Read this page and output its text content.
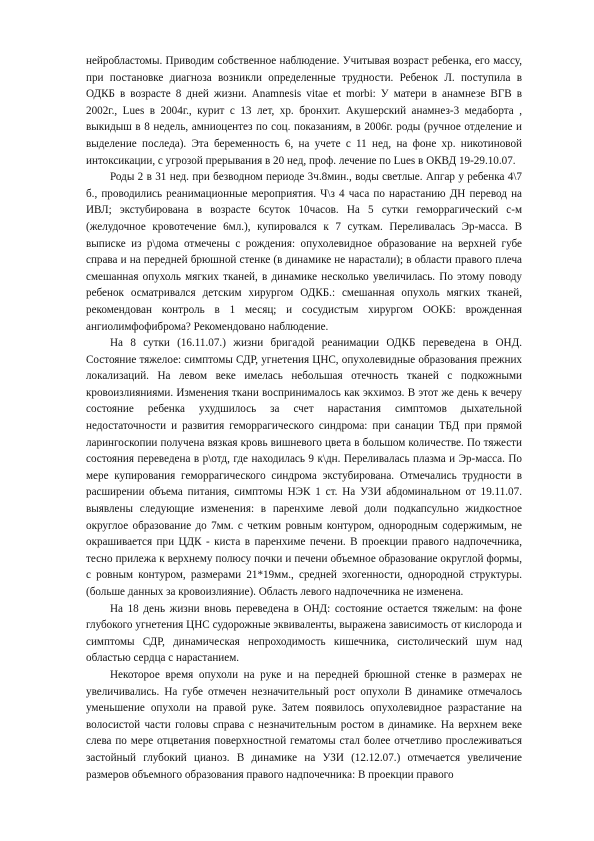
нейробластомы. Приводим собственное наблюдение. Учитывая возраст ребенка, его массу, при постановке диагноза возникли определенные трудности. Ребенок Л. поступила в ОДКБ в возрасте 8 дней жизни. Anamnesis vitae et morbi: У матери в анамнезе ВГВ в 2002г., Lues в 2004г., курит с 13 лет, хр. бронхит. Акушерский анамнез-3 медаборта , выкидыш в 8 недель, амниоцентез по соц. показаниям, в 2006г. роды (ручное отделение и выделение последа). Эта беременность 6, на учете с 11 нед, на фоне хр. никотиновой интоксикации, с угрозой прерывания в 20 нед, проф. лечение по Lues в ОКВД 19-29.10.07.

Роды 2 в 31 нед. при безводном периоде 3ч.8мин., воды светлые. Апгар у ребенка 4\7 б., проводились реанимационные мероприятия. Ч\з 4 часа по нарастанию ДН перевод на ИВЛ; экстубирована в возрасте 6суток 10часов. На 5 сутки геморрагический с-м (желудочное кровотечение 6мл.), купировался к 7 суткам. Переливалась Эр-масса. В выписке из р\дома отмечены с рождения: опухолевидное образование на верхней губе справа и на передней брюшной стенке (в динамике не нарастали); в области правого плеча смешанная опухоль мягких тканей, в динамике несколько увеличилась. По этому поводу ребенок осматривался детским хирургом ОДКБ.: смешанная опухоль мягких тканей, рекомендован контроль в 1 месяц; и сосудистым хирургом ООКБ: врожденная ангиолимфофиброма? Рекомендовано наблюдение.

На 8 сутки (16.11.07.) жизни бригадой реанимации ОДКБ переведена в ОНД. Состояние тяжелое: симптомы СДР, угнетения ЦНС, опухолевидные образования прежних локализаций. На левом веке имелась небольшая отечность тканей с подкожными кровоизлияниями. Изменения ткани воспринималось как экхимоз. В этот же день к вечеру состояние ребенка ухудшилось за счет нарастания симптомов дыхательной недостаточности и развития геморрагического синдрома: при санации ТБД при прямой ларингоскопии получена вязкая кровь вишневого цвета в большом количестве. По тяжести состояния переведена в р\отд, где находилась 9 к\дн. Переливалась плазма и Эр-масса. По мере купирования геморрагического синдрома экстубирована. Отмечались трудности в расширении объема питания, симптомы НЭК 1 ст. На УЗИ абдоминальном от 19.11.07. выявлены следующие изменения: в паренхиме левой доли подкапсульно жидкостное округлое образование до 7мм. с четким ровным контуром, однородным содержимым, не окрашивается при ЦДК - киста в паренхиме печени. В проекции правого надпочечника, тесно прилежа к верхнему полюсу почки и печени объемное образование округлой формы, с ровным контуром, размерами 21*19мм., средней эхогенности, однородной структуры. (больше данных за кровоизлияние). Область левого надпочечника не изменена.

На 18 день жизни вновь переведена в ОНД: состояние остается тяжелым: на фоне глубокого угнетения ЦНС судорожные эквиваленты, выражена зависимость от кислорода и симптомы СДР, динамическая непроходимость кишечника, систолический шум над областью сердца с нарастанием.

Некоторое время опухоли на руке и на передней брюшной стенке в размерах не увеличивались. На губе отмечен незначительный рост опухоли В динамике отмечалось уменьшение опухоли на правой руке. Затем появилось опухолевидное разрастание на волосистой части головы справа с незначительным ростом в динамике. На верхнем веке слева по мере отцветания поверхностной гематомы стал более отчетливо прослеживаться застойный глубокий цианоз. В динамике на УЗИ (12.12.07.) отмечается увеличение размеров объемного образования правого надпочечника: В проекции правого
